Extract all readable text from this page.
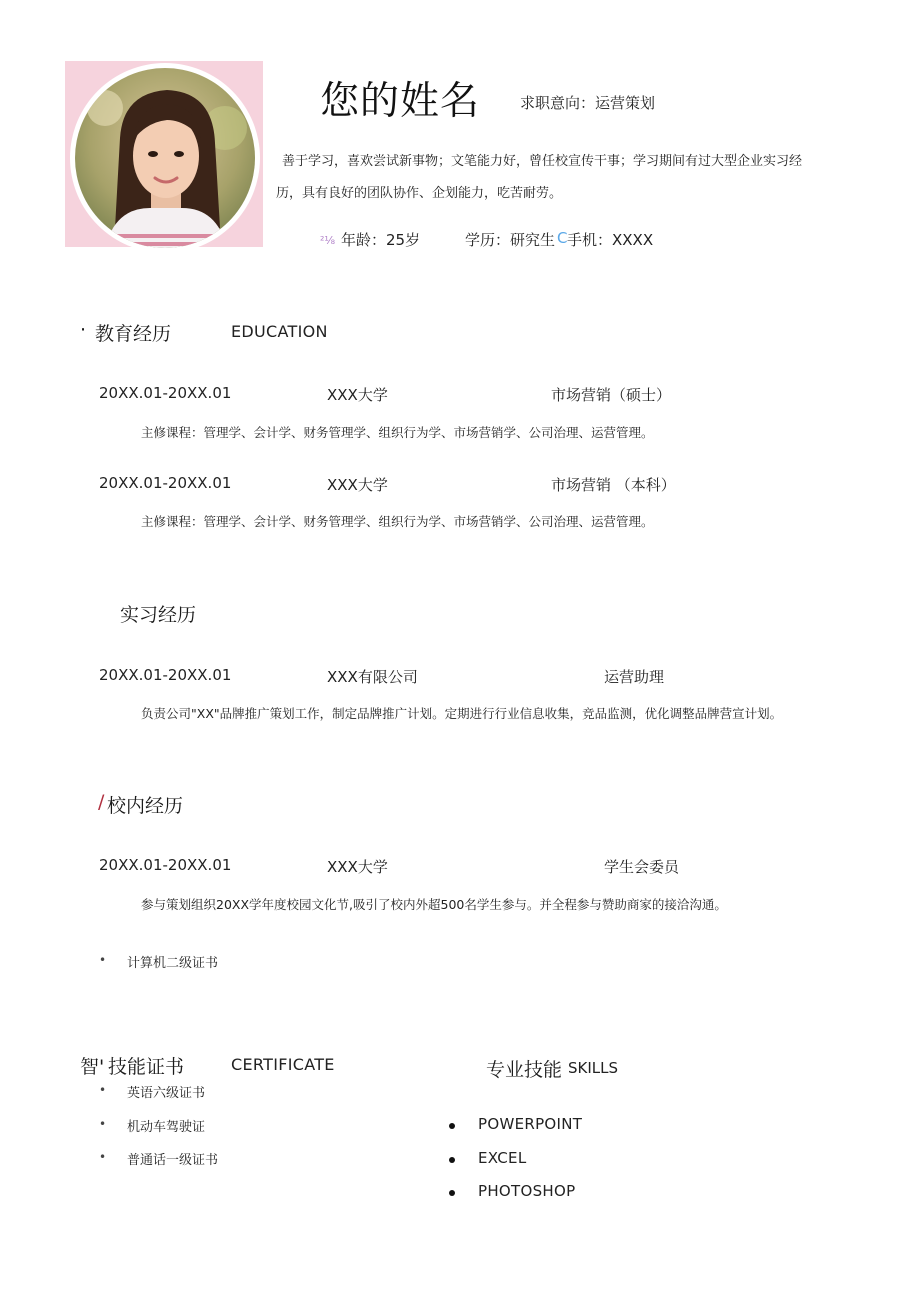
您的姓名	求职意向：运营策划
善于学习，喜欢尝试新事物；文笔能力好，曾任校宣传干事；学习期间有过大型企业实习经历，具有良好的团队协作、企划能力，吃苦耐劳。
²⅛ 年龄：25岁	学历：研究生 C 手机：XXXX
· 教育经历	EDUCATION
20XX.01-20XX.01	XXX大学	市场营销（硕士）
主修课程：管理学、会计学、财务管理学、组织行为学、市场营销学、公司治理、运营管理。
20XX.01-20XX.01	XXX大学	市场营销 （本科）
主修课程：管理学、会计学、财务管理学、组织行为学、市场营销学、公司治理、运营管理。
实习经历
20XX.01-20XX.01	XXX有限公司	运营助理
负责公司"XX"品牌推广策划工作，制定品牌推广计划。定期进行行业信息收集，竞品监测，优化调整品牌营宣计划。
/ 校内经历
20XX.01-20XX.01	XXX大学	学生会委员
参与策划组织20XX学年度校园文化节,吸引了校内外超500名学生参与。并全程参与赞助商家的接洽沟通。
• 计算机二级证书
智' 技能证书	CERTIFICATE
• 英语六级证书
• 机动车驾驶证
• 普通话一级证书
专业技能 SKILLS
POWERPOINT
EXCEL
PHOTOSHOP
